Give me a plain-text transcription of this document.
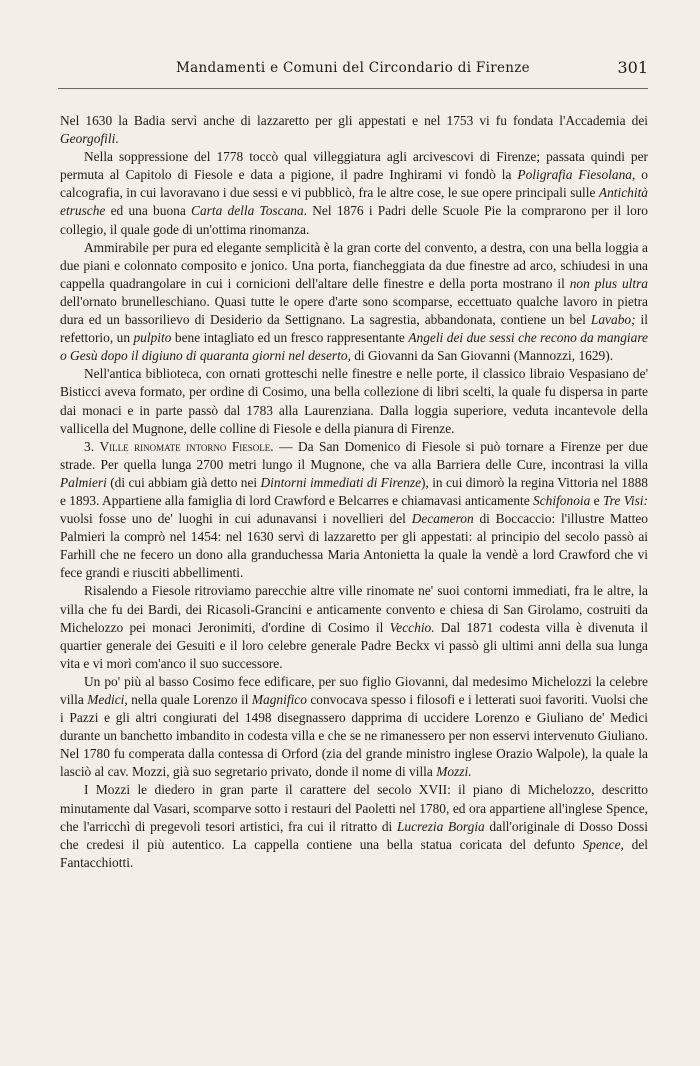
Mandamenti e Comuni del Circondario di Firenze	301

Nel 1630 la Badia servì anche di lazzaretto per gli appestati e nel 1753 vi fu fondata l'Accademia dei Georgofili.

Nella soppressione del 1778 toccò qual villeggiatura agli arcivescovi di Firenze; passata quindi per permuta al Capitolo di Fiesole e data a pigione, il padre Inghirami vi fondò la Poligrafia Fiesolana, o calcografia, in cui lavoravano i due sessi e vi pubblicò, fra le altre cose, le sue opere principali sulle Antichità etrusche ed una buona Carta della Toscana. Nel 1876 i Padri delle Scuole Pie la comprarono per il loro collegio, il quale gode di un'ottima rinomanza.

Ammirabile per pura ed elegante semplicità è la gran corte del convento, a destra, con una bella loggia a due piani e colonnato composito e jonico. Una porta, fiancheggiata da due finestre ad arco, schiudesi in una cappella quadrangolare in cui i cornicioni dell'altare delle finestre e della porta mostrano il non plus ultra dell'ornato brunelleschiano. Quasi tutte le opere d'arte sono scomparse, eccettuato qualche lavoro in pietra dura ed un bassorilievo di Desiderio da Settignano. La sagrestia, abbandonata, contiene un bel Lavabo; il refettorio, un pulpito bene intagliato ed un fresco rappresentante Angeli dei due sessi che recono da mangiare o Gesù dopo il digiuno di quaranta giorni nel deserto, di Giovanni da San Giovanni (Mannozzi, 1629).

Nell'antica biblioteca, con ornati grotteschi nelle finestre e nelle porte, il classico libraio Vespasiano de' Bisticci aveva formato, per ordine di Cosimo, una bella collezione di libri scelti, la quale fu dispersa in parte dai monaci e in parte passò dal 1783 alla Laurenziana. Dalla loggia superiore, veduta incantevole della vallicella del Mugnone, delle colline di Fiesole e della pianura di Firenze.

3. Ville rinomate intorno Fiesole. — Da San Domenico di Fiesole si può tornare a Firenze per due strade. Per quella lunga 2700 metri lungo il Mugnone, che va alla Barriera delle Cure, incontrasi la villa Palmieri (di cui abbiam già detto nei Dintorni immediati di Firenze), in cui dimorò la regina Vittoria nel 1888 e 1893. Appartiene alla famiglia di lord Crawford e Belcarres e chiamavasi anticamente Schifonoia e Tre Visi: vuolsi fosse uno de' luoghi in cui adunavansi i novellieri del Decameron di Boccaccio: l'illustre Matteo Palmieri la comprò nel 1454: nel 1630 servì di lazzaretto per gli appestati: al principio del secolo passò ai Farhill che ne fecero un dono alla granduchessa Maria Antonietta la quale la vendè a lord Crawford che vi fece grandi e riusciti abbellimenti.

Risalendo a Fiesole ritroviamo parecchie altre ville rinomate ne' suoi contorni immediati, fra le altre, la villa che fu dei Bardi, dei Ricasoli-Grancini e anticamente convento e chiesa di San Girolamo, costruiti da Michelozzo pei monaci Jeronimiti, d'ordine di Cosimo il Vecchio. Dal 1871 codesta villa è divenuta il quartier generale dei Gesuiti e il loro celebre generale Padre Beckx vi passò gli ultimi anni della sua lunga vita e vi morì com'anco il suo successore.

Un po' più al basso Cosimo fece edificare, per suo figlio Giovanni, dal medesimo Michelozzi la celebre villa Medici, nella quale Lorenzo il Magnifico convocava spesso i filosofi e i letterati suoi favoriti. Vuolsi che i Pazzi e gli altri congiurati del 1498 disegnassero dapprima di uccidere Lorenzo e Giuliano de' Medici durante un banchetto imbandito in codesta villa e che se ne rimanessero per non esservi intervenuto Giuliano. Nel 1780 fu comperata dalla contessa di Orford (zia del grande ministro inglese Orazio Walpole), la quale la lasciò al cav. Mozzi, già suo segretario privato, donde il nome di villa Mozzi.

I Mozzi le diedero in gran parte il carattere del secolo XVII: il piano di Michelozzo, descritto minutamente dal Vasari, scomparve sotto i restauri del Paoletti nel 1780, ed ora appartiene all'inglese Spence, che l'arricchì di pregevoli tesori artistici, fra cui il ritratto di Lucrezia Borgia dall'originale di Dosso Dossi che credesi il più autentico. La cappella contiene una bella statua coricata del defunto Spence, del Fantacchiotti.
